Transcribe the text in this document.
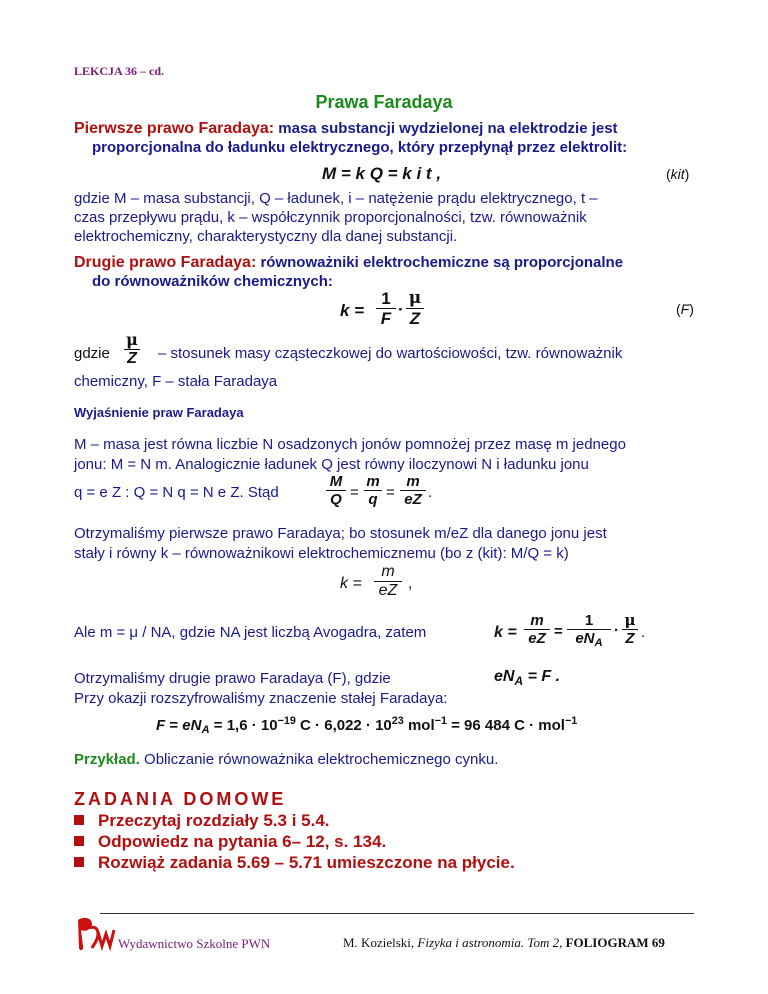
LEKCJA 36 – cd.
Prawa Faradaya
Pierwsze prawo Faradaya: masa substancji wydzielonej na elektrodzie jest
proporcjonalna do ładunku elektrycznego, który przepłynął przez elektrolit:
M = k Q = k i t ,	(kit)
gdzie M – masa substancji, Q – ładunek, i – natężenie prądu elektrycznego, t –
czas przepływu prądu, k – współczynnik proporcjonalności, tzw. równoważnik
elektrochemiczny, charakterystyczny dla danej substancji.
Drugie prawo Faradaya: równoważniki elektrochemiczne są proporcjonalne
do równoważników chemicznych:
k =
1
F ·
μ
Z	(F)
gdzie
μ
Z – stosunek masy cząsteczkowej do wartościowości, tzw. równoważnik
chemiczny, F – stała Faradaya
Wyjaśnienie praw Faradaya
M – masa jest równa liczbie N osadzonych jonów pomnożej przez masę m jednego
jonu: M = N m. Analogicznie ładunek Q jest równy iloczynowi N i ładunku jonu
q = e Z : Q = N q = N e Z. Stąd
M
Q =
m
q =
m
eZ .
Otrzymaliśmy pierwsze prawo Faradaya; bo stosunek m/eZ dla danego jonu jest
stały i równy k – równoważnikowi elektrochemicznemu (bo z (kit): M/Q = k)
k =
m
eZ ,
Ale m = μ / NA, gdzie NA jest liczbą Avogadra, zatem	k =
m
eZ =
1
$eN_A$
·
μ
Z .
Otrzymaliśmy drugie prawo Faradaya (F), gdzie	$eN_A = F$ .
Przy okazji rozszyfrowaliśmy znaczenie stałej Faradaya:
$F = eN_A = 1,6 \cdot 10^{-19}$ $C \cdot 6,022 \cdot 10^{23}$ mol$^{-1}$ = 96 484 C · mol$^{-1}$
Przykład. Obliczanie równoważnika elektrochemicznego cynku.
ZADANIA DOMOWE
Przeczytaj rozdziały 5.3 i 5.4.
Odpowiedz na pytania 6– 12, s. 134.
Rozwiąż zadania 5.69 – 5.71 umieszczone na płycie.
Wydawnictwo Szkolne PWN	M. Kozielski, Fizyka i astronomia. Tom 2, FOLIOGRAM 69
